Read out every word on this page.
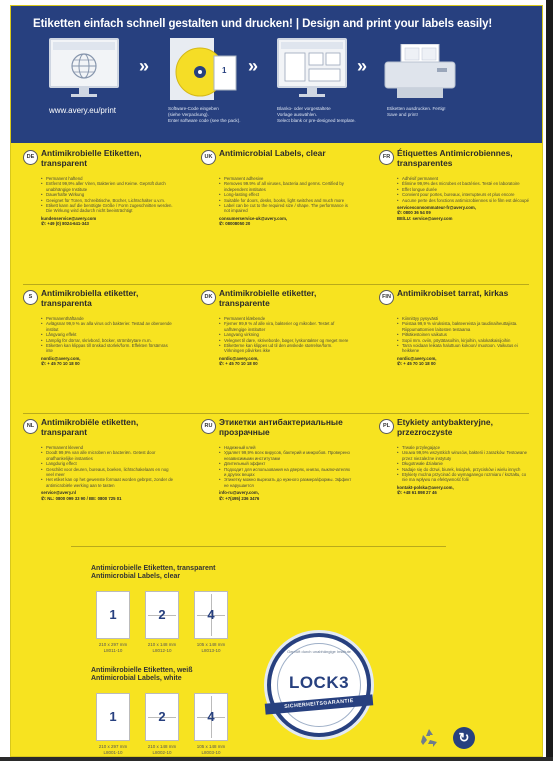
Etiketten einfach schnell gestalten und drucken! | Design and print your labels easily!
»	1
Software-Code eingeben
(siehe Verpackung).
Enter software code (see the pack).
»
Blanko- oder vorgestaltete
Vorlage auswählen.
Select blank or pre-designed template.
»
Etiketten ausdrucken. Fertig!
Save and print!
www.avery.eu/print
DE Antimikrobielle Etiketten, transparent
• Permanent haftend
• Entfernt 99,9% aller Viren, Bakterien und Keime. Geprüft durch unabhängige Institute
• Dauerhafte Wirkung
• Geeignet für Türen, Schreibtische, Bücher, Lichtschalter u.v.m.
• Etikett kann auf die benötigte Größe / Form zugeschnitten werden. Die Wirkung wird dadurch nicht beeinträchtigt
kundenservice@avery.com
✆: +49 (0) 8024-641-343
UK Antimicrobial Labels, clear
• Permanent adhesive
• Removes 99.9% of all viruses, bacteria and germs. Certified by independent institutes
• Long-lasting effect
• Suitable for doors, desks, books, light switches and much more
• Label can be cut to the required size / shape. The performance is not impaired
consumerservice-uk@avery.com,
✆: 08008050 20
FR Étiquettes Antimicrobiennes, transparentes
• Adhésif permanent
• Élimine 99,9% des microbes et bactéries. Testé en laboratoire
• Effet longue durée
• Convient pour portes, bureaux, interrupteurs et plus encore
• Aucune perte des fonctions antimicrobiennes si le film est découpé
servicesconsommateur-fr@avery.com,
✆: 0800 36 54 09
BE/LU: service@avery.com
S	Antimikrobiella etiketter, transparenta
• Permanenthäftande
• Avlägsnar 99,9 % av alla virus och bakterier. Testad av oberoende institut
• Långvarig effekt
• Lämplig för dörrar, skrivbord, böcker, strömbrytare m.m.
• Etiketten kan klippas till önskad storlek/form. Effekten försämras inte
nordic@avery.com,
✆: + 45 70 10 18 00
DK Antimikrobielle etiketter, transparente
• Permanent klæbende
• Fjerner 99,9 % af alle vira, bakterier og mikrober. Testet af uafhængige institutter
• Langvarig virkning
• Velegnet til døre, skriveborde, bøger, lyskontakter og meget mere
• Etiketterne kan klippes ud til den ønskede størrelse/form. Virkningen påvirkes ikke
nordic@avery.com,
✆: + 45 70 10 18 00
FIN Antimikrobiset tarrat, kirkas
• Kiinnittyy pysyvästi
• Poistaa 99,9 % viruksista, bakteereista ja taudinaiheuttajista. Riippumattomien laitosten testaama
• Pitkäkestoinen vaikutus
• Sopii mm. oviin, pöytätasoihin, kirjoihin, valokatkaisijoihin
• Tarra voidaan leikata haluttuun kokoon/ muotoon. Vaikutus ei heikkene
nordic@avery.com,
✆: + 45 70 10 18 00
NL Antimikrobiële etiketten, transparant
• Permanent klevend
• Doodt 99,9% van alle microben en bacteriën. Getest door onafhankelijke instanties
• Langdurig effect
• Geschikt voor deuren, bureaus, boeken, lichtschakelaars en nog veel meer
• Het etiket kan op het gewenste formaat worden gebrpst, zonder de antimicrobiële werking aan te tasten
service@avery.nl
✆: NL: 0800 099 33 90 / BE: 0800 725 01
RU Этикетки антибактериальные прозрачные
• Надежный клей
• Удаляет 99,9% всех вирусов, бактерий и микробов. Проверено независимыми институтами
• Длительный эффект
• Подходит для использования на дверях, книгах, выключателях и других вещах
• Этикетку можно вырезать до нужного размера/формы. Эффект не нарушается
info-ru@avery.com,
✆: +7(495) 236 3476
PL Etykiety antybakteryjne, przezroczyste
• Trwale przylegające
• Usuwa 99,9% wszystkich wirusów, bakterii i zarazków. Testowane przez niezależne instytuty
• Długotrwałe działanie
• Nadaje się do drzwi, biurek, książek, przycisków i wielu innych
• Etykiety można przycinać do wymaganego rozmiaru / kształtu, co nie ma wpływu na efektywność folii
kontakt-polska@avery.com,
✆: +48 61 898 27 46
Antimicrobielle Etiketten, transparent
Antimicrobial Labels, clear
1
210 x 297 mm
L8011-10
2
210 x 148 mm
L8012-10
4
105 x 148 mm
L8013-10
Antimikrobielle Etiketten, weiß
Antimicrobial Labels, white
1
210 x 297 mm
L8001-10
2
210 x 148 mm
L8002-10
4
105 x 148 mm
L8003-10
Geprüft durch unabhängige Institute
LOCK3
SICHERHEITSGARANTIE
↻
